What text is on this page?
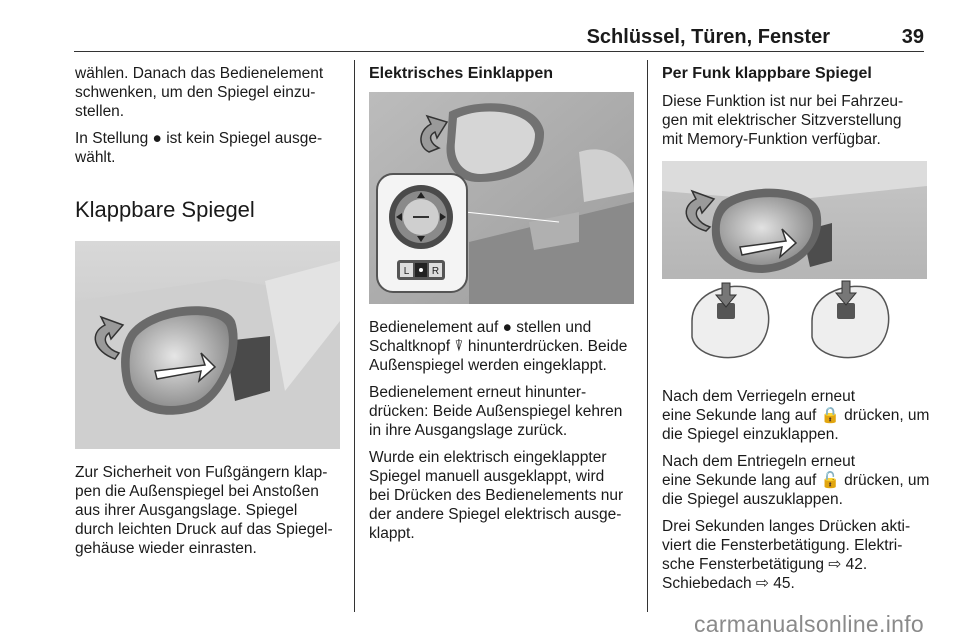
Schlüssel, Türen, Fenster	39

wählen. Danach das Bedienelement
schwenken, um den Spiegel einzu-
stellen.

In Stellung ● ist kein Spiegel ausge-
wählt.

Klappbare Spiegel

Zur Sicherheit von Fußgängern klap-
pen die Außenspiegel bei Anstoßen
aus ihrer Ausgangslage. Spiegel
durch leichten Druck auf das Spiegel-
gehäuse wieder einrasten.

Elektrisches Einklappen
L R

Bedienelement auf ● stellen und
Schaltknopf ⍒ hinunterdrücken. Beide
Außenspiegel werden eingeklappt.

Bedienelement erneut hinunter-
drücken: Beide Außenspiegel kehren
in ihre Ausgangslage zurück.

Wurde ein elektrisch eingeklappter
Spiegel manuell ausgeklappt, wird
bei Drücken des Bedienelements nur
der andere Spiegel elektrisch ausge-
klappt.

Per Funk klappbare Spiegel

Diese Funktion ist nur bei Fahrzeu-
gen mit elektrischer Sitzverstellung
mit Memory-Funktion verfügbar.

Nach dem Verriegeln erneut
eine Sekunde lang auf 🔒 drücken, um
die Spiegel einzuklappen.

Nach dem Entriegeln erneut
eine Sekunde lang auf 🔓 drücken, um
die Spiegel auszuklappen.

Drei Sekunden langes Drücken akti-
viert die Fensterbetätigung. Elektri-
sche Fensterbetätigung ⇨ 42.
Schiebedach ⇨ 45.

carmanualsonline.info
